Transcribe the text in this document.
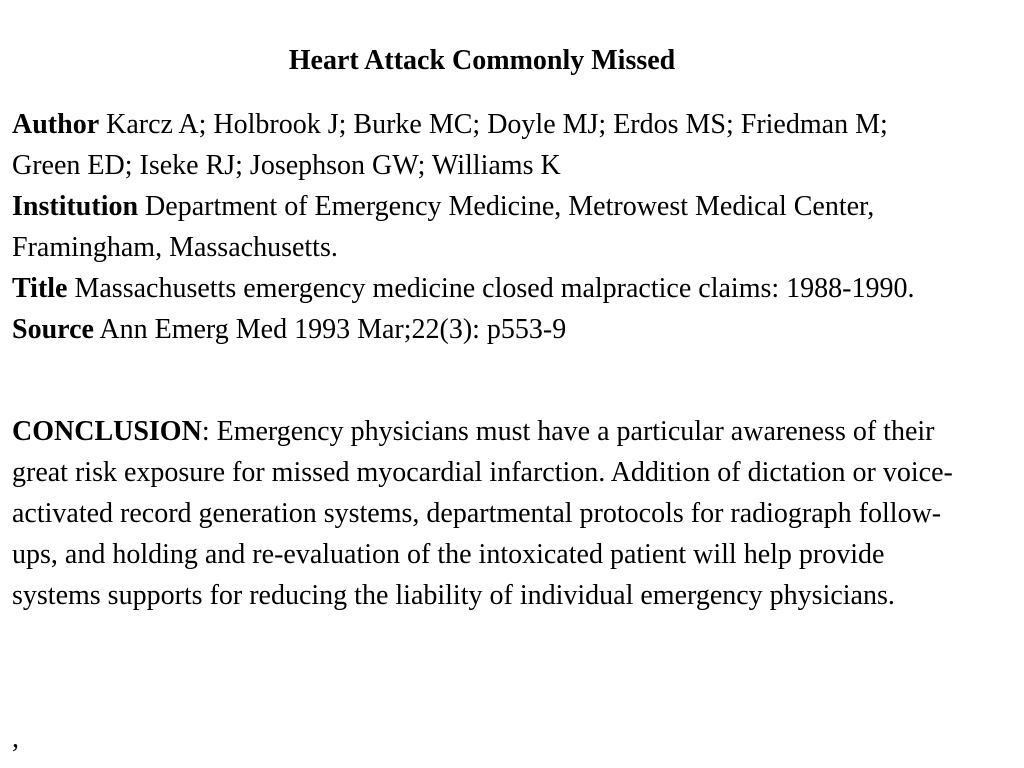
Heart Attack Commonly Missed
Author Karcz A; Holbrook J; Burke MC; Doyle MJ; Erdos MS; Friedman M; Green ED; Iseke RJ; Josephson GW; Williams K
Institution Department of Emergency Medicine, Metrowest Medical Center, Framingham, Massachusetts.
Title Massachusetts emergency medicine closed malpractice claims: 1988-1990.
Source Ann Emerg Med 1993 Mar;22(3): p553-9

CONCLUSION: Emergency physicians must have a particular awareness of their great risk exposure for missed myocardial infarction. Addition of dictation or voice-activated record generation systems, departmental protocols for radiograph follow-ups, and holding and re-evaluation of the intoxicated patient will help provide systems supports for reducing the liability of individual emergency physicians.

,
